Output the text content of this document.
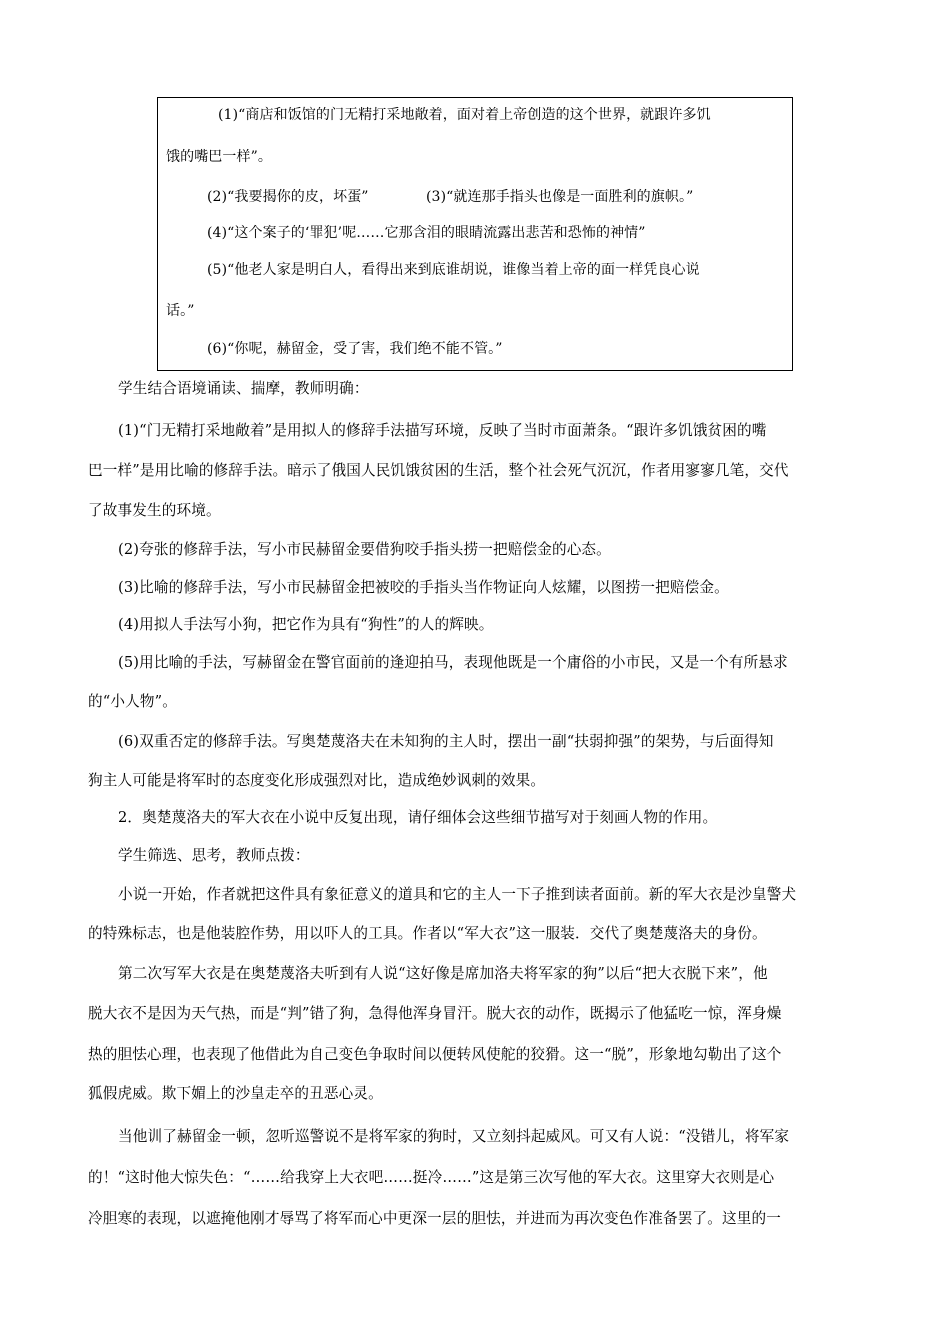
(1)“商店和饭馆的门无精打采地敞着，面对着上帝创造的这个世界，就跟许多饥
饿的嘴巴一样”。
(2)“我要揭你的皮，坏蛋”	(3)“就连那手指头也像是一面胜利的旗帜。”
(4)“这个案子的‘罪犯’呢……它那含泪的眼睛流露出悲苦和恐怖的神情”
(5)“他老人家是明白人，看得出来到底谁胡说，谁像当着上帝的面一样凭良心说
话。”
(6)“你呢，赫留金，受了害，我们绝不能不管。”
学生结合语境诵读、揣摩，教师明确：
(1)“门无精打采地敞着”是用拟人的修辞手法描写环境，反映了当时市面萧条。“跟许多饥饿贫困的嘴
巴一样”是用比喻的修辞手法。暗示了俄国人民饥饿贫困的生活，整个社会死气沉沉，作者用寥寥几笔，交代
了故事发生的环境。
(2)夸张的修辞手法，写小市民赫留金要借狗咬手指头捞一把赔偿金的心态。
(3)比喻的修辞手法，写小市民赫留金把被咬的手指头当作物证向人炫耀，以图捞一把赔偿金。
(4)用拟人手法写小狗，把它作为具有“狗性”的人的辉映。
(5)用比喻的手法，写赫留金在警官面前的逢迎拍马，表现他既是一个庸俗的小市民，又是一个有所悬求
的“小人物”。
(6)双重否定的修辞手法。写奥楚蔑洛夫在未知狗的主人时，摆出一副“扶弱抑强”的架势，与后面得知
狗主人可能是将军时的态度变化形成强烈对比，造成绝妙讽刺的效果。
2．奥楚蔑洛夫的军大衣在小说中反复出现，请仔细体会这些细节描写对于刻画人物的作用。
学生筛选、思考，教师点拨：
小说一开始，作者就把这件具有象征意义的道具和它的主人一下子推到读者面前。新的军大衣是沙皇警犬
的特殊标志，也是他装腔作势，用以吓人的工具。作者以“军大衣”这一服装．交代了奥楚蔑洛夫的身份。
第二次写军大衣是在奥楚蔑洛夫听到有人说“这好像是席加洛夫将军家的狗”以后“把大衣脱下来”，他
脱大衣不是因为天气热，而是“判”错了狗，急得他浑身冒汗。脱大衣的动作，既揭示了他猛吃一惊，浑身燥
热的胆怯心理，也表现了他借此为自己变色争取时间以便转风使舵的狡猾。这一“脱”，形象地勾勒出了这个
狐假虎威。欺下媚上的沙皇走卒的丑恶心灵。
当他训了赫留金一顿，忽听巡警说不是将军家的狗时，又立刻抖起威风。可又有人说：“没错儿，将军家
的！“这时他大惊失色：“……给我穿上大衣吧……挺冷……”这是第三次写他的军大衣。这里穿大衣则是心
冷胆寒的表现，以遮掩他刚才辱骂了将军而心中更深一层的胆怯，并进而为再次变色作准备罢了。这里的一
